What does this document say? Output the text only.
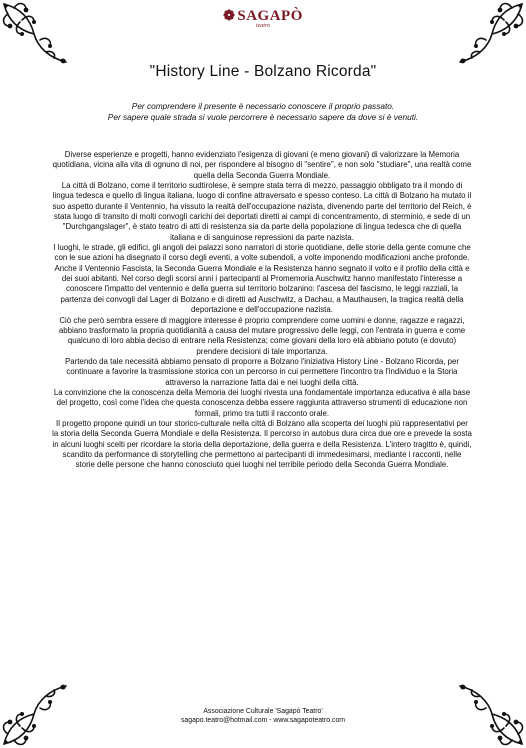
❁ SAGAPÒ
teatro
"History Line - Bolzano Ricorda"
Per comprendere il presente è necessario conoscere il proprio passato.
Per sapere quale strada si vuole percorrere è necessario sapere da dove si è venuti.

Diverse esperienze e progetti, hanno evidenziato l'esigenza di giovani (e meno giovani) di valorizzare la Memoria quotidiana, vicina alla vita di ognuno di noi, per rispondere al bisogno di "sentire", e non solo "studiare", una realtà come quella della Seconda Guerra Mondiale.

La città di Bolzano, come il territorio sudtirolese, è sempre stata terra di mezzo, passaggio obbligato tra il mondo di lingua tedesca e quello di lingua italiana, luogo di confine attraversato e spesso conteso. La città di Bolzano ha mutato il suo aspetto durante il Ventennio, ha vissuto la realtà dell'occupazione nazista, divenendo parte del territorio del Reich, è stata luogo di transito di molti convogli carichi dei deportati diretti ai campi di concentramento, di sterminio, e sede di un "Durchgangslager", è stato teatro di atti di resistenza sia da parte della popolazione di lingua tedesca che di quella italiana e di sanguinose repressioni da parte nazista.

I luoghi, le strade, gli edifici, gli angoli dei palazzi sono narratori di storie quotidiane, delle storie della gente comune che con le sue azioni ha disegnato il corso degli eventi, a volte subendoli, a volte imponendo modificazioni anche profonde.

Anche il Ventennio Fascista, la Seconda Guerra Mondiale e la Resistenza hanno segnato il volto e il profilo della città e dei suoi abitanti. Nel corso degli scorsi anni i partecipanti al Promemoria Auschwitz hanno manifestato l'interesse a conoscere l'impatto del ventennio e della guerra sul territorio bolzanino: l'ascesa del fascismo, le leggi razziali, la partenza dei convogli dal Lager di Bolzano e di diretti ad Auschwitz, a Dachau, a Mauthausen, la tragica realtà della deportazione e dell'occupazione nazista.

Ciò che però sembra essere di maggiore interesse è proprio comprendere come uomini e donne, ragazze e ragazzi, abbiano trasformato la propria quotidianità a causa del mutare progressivo delle leggi, con l'entrata in guerra e come qualcuno di loro abbia deciso di entrare nella Resistenza; come giovani della loro età abbiano potuto (e dovuto) prendere decisioni di tale importanza.

Partendo da tale necessità abbiamo pensato di proporre a Bolzano l'iniziativa History Line - Bolzano Ricorda, per continuare a favorire la trasmissione storica con un percorso in cui permettere l'incontro tra l'individuo e la Storia attraverso la narrazione fatta dai e nei luoghi della città.

La convinzione che la conoscenza della Memoria dei luoghi rivesta una fondamentale importanza educativa è alla base del progetto, così come l'idea che questa conoscenza debba essere raggiunta attraverso strumenti di educazione non formali, primo tra tutti il racconto orale.

Il progetto propone quindi un tour storico-culturale nella città di Bolzano alla scoperta dei luoghi più rappresentativi per la storia della Seconda Guerra Mondiale e della Resistenza. Il percorso in autobus dura circa due ore e prevede la sosta in alcuni luoghi scelti per ricordare la storia della deportazione, della guerra e della Resistenza. L'intero tragitto è, quindi, scandito da performance di storytelling che permettono ai partecipanti di immedesimarsi, mediante i racconti, nelle storie delle persone che hanno conosciuto quei luoghi nel terribile periodo della Seconda Guerra Mondiale.

Associazione Culturale 'Sagapò Teatro'
sagapo.teatro@hotmail.com - www.sagapoteatro.com
